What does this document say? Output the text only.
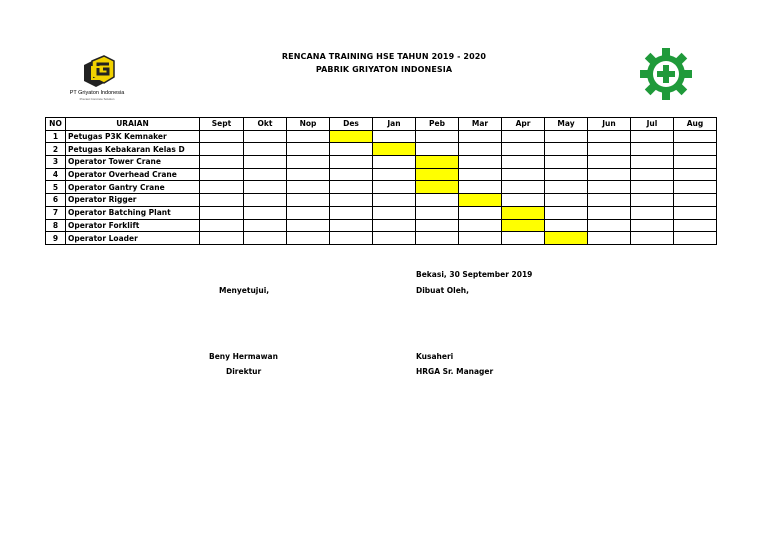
RENCANA TRAINING HSE TAHUN 2019 - 2020
PABRIK GRIYATON INDONESIA
PT Griyaton Indonesia
Precast Concrete Solution
NO	URAIAN	Sept	Okt	Nop	Des	Jan	Peb	Mar	Apr	May	Jun	Jul	Aug
1	Petugas P3K Kemnaker												
2	Petugas Kebakaran Kelas D												
3	Operator Tower Crane												
4	Operator Overhead Crane												
5	Operator Gantry Crane												
6	Operator Rigger												
7	Operator Batching Plant												
8	Operator Forklift												
9	Operator Loader												
Bekasi, 30 September 2019
Menyetujui,	Dibuat Oleh,
Beny Hermawan
Direktur
Kusaheri
HRGA Sr. Manager
